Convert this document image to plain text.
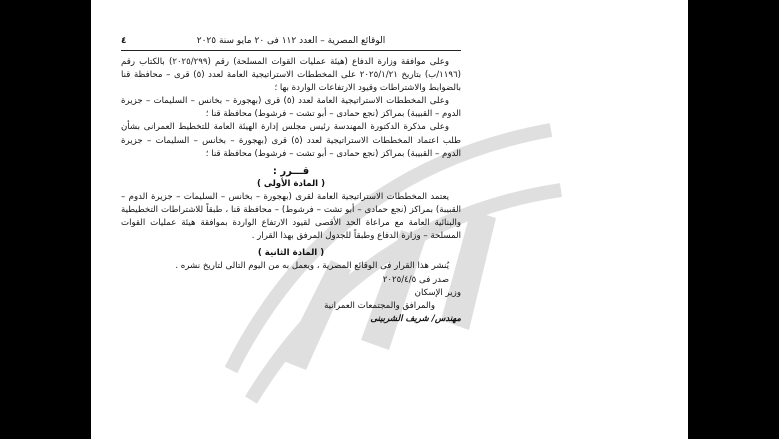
٤	الوقائع المصرية – العدد ١١٢ فى ٢٠ مايو سنة ٢٠٢٥

وعلى موافقة وزارة الدفاع (هيئة عمليات القوات المسلحة) رقم (٢٠٢٥/٢٩٩) بالكتاب رقم (١١٩٦/ب) بتاريخ ٢٠٢٥/١/٢١ على المخططات الاستراتيجية العامة لعدد (٥) قرى – محافظة قنا بالضوابط والاشتراطات وقيود الارتفاعات الواردة بها ؛

وعلى المخططات الاستراتيجية العامة لعدد (٥) قرى (بهجورة – بخانس – السليمات – جزيرة الدوم – القبيبة) بمراكز (نجع حمادى – أبو تشت – فرشوط) محافظة قنا ؛

وعلى مذكرة الدكتورة المهندسة رئيس مجلس إدارة الهيئة العامة للتخطيط العمرانى بشأن طلب اعتماد المخططات الاستراتيجية لعدد (٥) قرى (بهجورة – بخانس – السليمات – جزيرة الدوم – القبيبة) بمراكز (نجع حمادى – أبو تشت – فرشوط) محافظة قنا ؛

قـــرر :

( المادة الأولى )

يعتمد المخططات الاستراتيجية العامة لقرى (بهجورة – بخانس – السليمات – جزيرة الدوم – القبيبة) بمراكز (نجع حمادى – أبو تشت – فرشوط) – محافظة قنا ، طبقاً للاشتراطات التخطيطية والبنائية العامة مع مراعاة الحد الأقصى لقيود الارتفاع الواردة بموافقة هيئة عمليات القوات المسلحة – وزارة الدفاع وطبقاً للجدول المرفق بهذا القرار .

( المادة الثانية )

يُنشر هذا القرار فى الوقائع المصرية ، ويعمل به من اليوم التالى لتاريخ نشره .

صدر فى ٢٠٢٥/٤/٥

وزير الإسكان

والمرافق والمجتمعات العمرانية

مهندس/ شريف الشربينى
